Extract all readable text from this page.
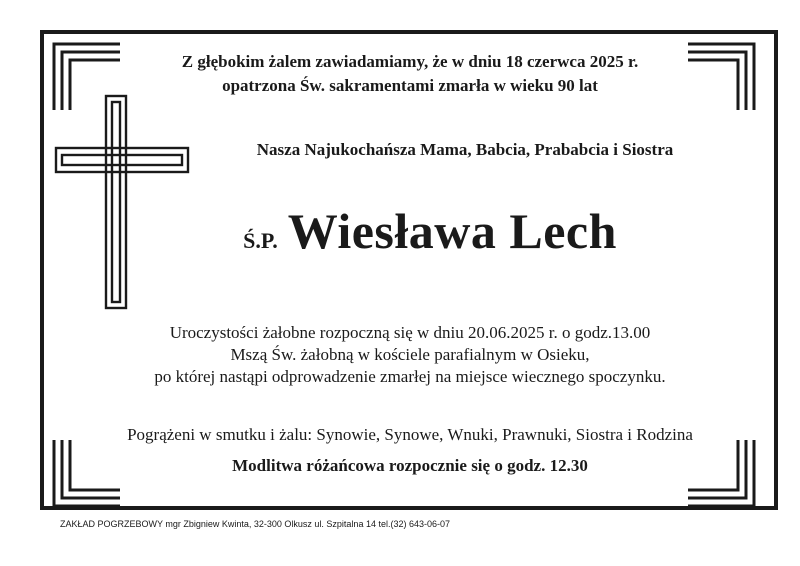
Z głębokim żalem zawiadamiamy, że w dniu 18 czerwca 2025 r.
opatrzona Św. sakramentami zmarła w wieku 90 lat
Nasza Najukochańsza Mama, Babcia, Prababcia i Siostra
Ś.P. Wiesława Lech
Uroczystości żałobne rozpoczną się w dniu 20.06.2025 r. o godz.13.00
Mszą Św. żałobną w kościele parafialnym w Osieku,
po której nastąpi odprowadzenie zmarłej na miejsce wiecznego spoczynku.
Pogrążeni w smutku i żalu: Synowie, Synowe, Wnuki, Prawnuki, Siostra i Rodzina
Modlitwa różańcowa rozpocznie się o godz. 12.30
ZAKŁAD POGRZEBOWY mgr Zbigniew Kwinta, 32-300 Olkusz ul. Szpitalna 14 tel.(32) 643-06-07
